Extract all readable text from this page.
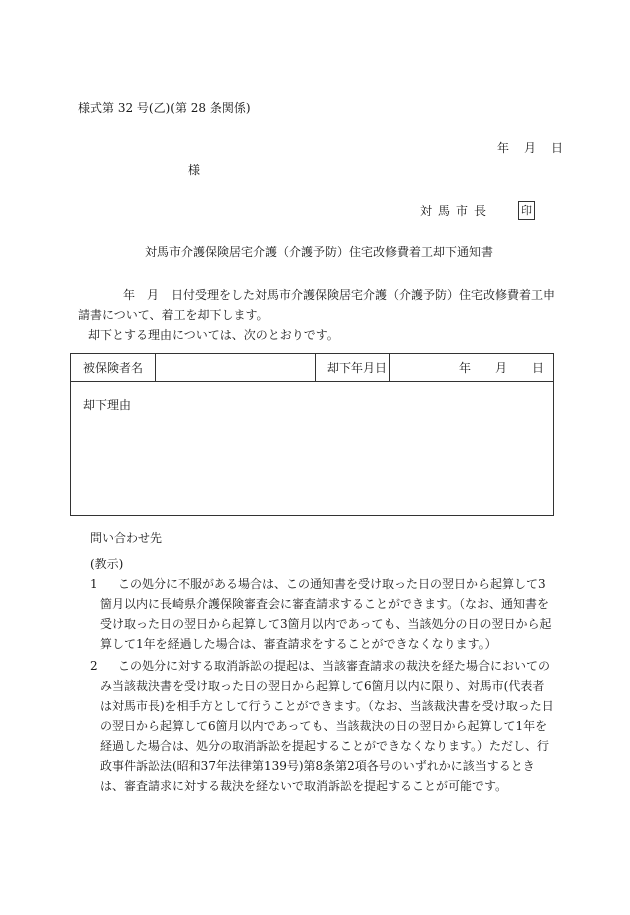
様式第 32 号(乙)(第 28 条関係)
年 月 日
様
対馬市長	印
対馬市介護保険居宅介護（介護予防）住宅改修費着工却下通知書

年　月　日付受理をした対馬市介護保険居宅介護（介護予防）住宅改修費着工申

請書について、着工を却下します。

却下とする理由については、次のとおりです。

被保険者名	却下年月日	年 月 日
却下理由
問い合わせ先
(教示)
1	この処分に不服がある場合は、この通知書を受け取った日の翌日から起算して3箇月以内に長崎県介護保険審査会に審査請求することができます。（なお、通知書を受け取った日の翌日から起算して3箇月以内であっても、当該処分の日の翌日から起算して1年を経過した場合は、審査請求をすることができなくなります。）
2	この処分に対する取消訴訟の提起は、当該審査請求の裁決を経た場合においてのみ当該裁決書を受け取った日の翌日から起算して6箇月以内に限り、対馬市(代表者は対馬市長)を相手方として行うことができます。（なお、当該裁決書を受け取った日の翌日から起算して6箇月以内であっても、当該裁決の日の翌日から起算して1年を経過した場合は、処分の取消訴訟を提起することができなくなります。）ただし、行政事件訴訟法(昭和37年法律第139号)第8条第2項各号のいずれかに該当するときは、審査請求に対する裁決を経ないで取消訴訟を提起することが可能です。
